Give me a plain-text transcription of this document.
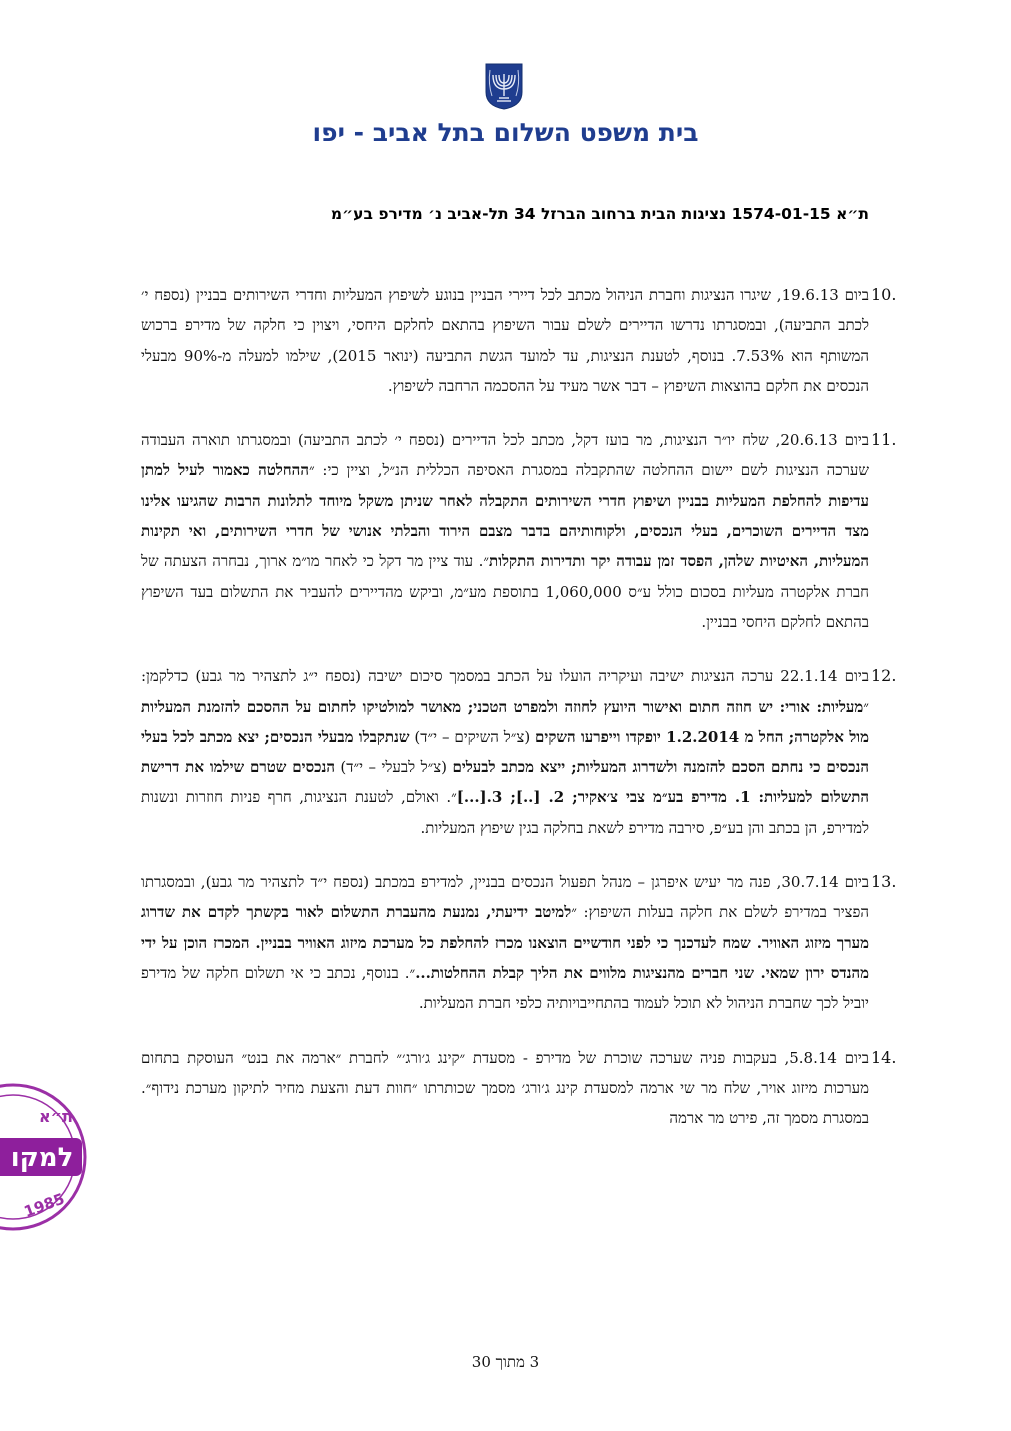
בית משפט השלום בתל אביב - יפו
ת״א 1574-01-15 נציגות הבית ברחוב הברזל 34 תל-אביב נ׳ מדירפ בע״מ
10.
ביום 19.6.13, שיגרו הנציגות וחברת הניהול מכתב לכל דיירי הבניין בנוגע לשיפוץ המעליות וחדרי השירותים בבניין (נספח י׳ לכתב התביעה), ובמסגרתו נדרשו הדיירים לשלם עבור השיפוץ בהתאם לחלקם היחסי, ויצוין כי חלקה של מדירפ ברכוש המשותף הוא 7.53%. בנוסף, לטענת הנציגות, עד למועד הגשת התביעה (ינואר 2015), שילמו למעלה מ-90% מבעלי הנכסים את חלקם בהוצאות השיפוץ – דבר אשר מעיד על ההסכמה הרחבה לשיפוץ.
11.
ביום 20.6.13, שלח יו״ר הנציגות, מר בועז דקל, מכתב לכל הדיירים (נספח י׳ לכתב התביעה) ובמסגרתו תוארה העבודה שערכה הנציגות לשם יישום ההחלטה שהתקבלה במסגרת האסיפה הכללית הנ״ל, וציין כי: ״ההחלטה כאמור לעיל למתן עדיפות להחלפת המעליות בבניין ושיפוץ חדרי השירותים התקבלה לאחר שניתן משקל מיוחד לתלונות הרבות שהגיעו אלינו מצד הדיירים השוכרים, בעלי הנכסים, ולקוחותיהם בדבר מצבם הירוד והבלתי אנושי של חדרי השירותים, ואי תקינות המעליות, האיטיות שלהן, הפסד זמן עבודה יקר ותדירות התקלות״. עוד ציין מר דקל כי לאחר מו״מ ארוך, נבחרה הצעתה של חברת אלקטרה מעליות בסכום כולל ע״ס 1,060,000 בתוספת מע״מ, וביקש מהדיירים להעביר את התשלום בעד השיפוץ בהתאם לחלקם היחסי בבניין.
12.
ביום 22.1.14 ערכה הנציגות ישיבה ועיקריה הועלו על הכתב במסמך סיכום ישיבה (נספח י״ג לתצהיר מר גבע) כדלקמן: ״מעליות: אורי: יש חוזה חתום ואישור היועץ לחוזה ולמפרט הטכני; מאושר למולטיקו לחתום על ההסכם להזמנת המעליות מול אלקטרה; החל מ 1.2.2014 יופקדו וייפרעו השקים (צ״ל השיקים – י״ד) שנתקבלו מבעלי הנכסים; יצא מכתב לכל בעלי הנכסים כי נחתם הסכם להזמנה ולשדרוג המעליות; ייצא מכתב לבעלים (צ״ל לבעלי – י״ד) הנכסים שטרם שילמו את דרישת התשלום למעליות: 1. מדירפ בע״מ צבי צ׳אקיר; 2. [..]; 3.[...]״. ואולם, לטענת הנציגות, חרף פניות חוזרות ונשנות למדירפ, הן בכתב והן בע״פ, סירבה מדירפ לשאת בחלקה בגין שיפוץ המעליות.
13.
ביום 30.7.14, פנה מר יעיש איפרגן – מנהל תפעול הנכסים בבניין, למדירפ במכתב (נספח י״ד לתצהיר מר גבע), ובמסגרתו הפציר במדירפ לשלם את חלקה בעלות השיפוץ: ״למיטב ידיעתי, נמנעת מהעברת התשלום לאור בקשתך לקדם את שדרוג מערך מיזוג האוויר. שמח לעדכנך כי לפני חודשיים הוצאנו מכרז להחלפת כל מערכת מיזוג האוויר בבניין. המכרז הוכן על ידי מהנדס ירון שמאי. שני חברים מהנציגות מלווים את הליך קבלת ההחלטות...״. בנוסף, נכתב כי אי תשלום חלקה של מדירפ יוביל לכך שחברת הניהול לא תוכל לעמוד בהתחייבויותיה כלפי חברת המעליות.
14.
ביום 5.8.14, בעקבות פניה שערכה שוכרת של מדירפ - מסעדת ״קינג ג׳ורג׳״ לחברת ״ארמה את בנט״ העוסקת בתחום מערכות מיזוג אויר, שלח מר שי ארמה למסעדת קינג ג׳ורג׳ מסמך שכותרתו ״חוות דעת והצעת מחיר לתיקון מערכת נידוף״. במסגרת מסמך זה, פירט מר ארמה
3 מתוך 30
ת״א
למקו
1985
